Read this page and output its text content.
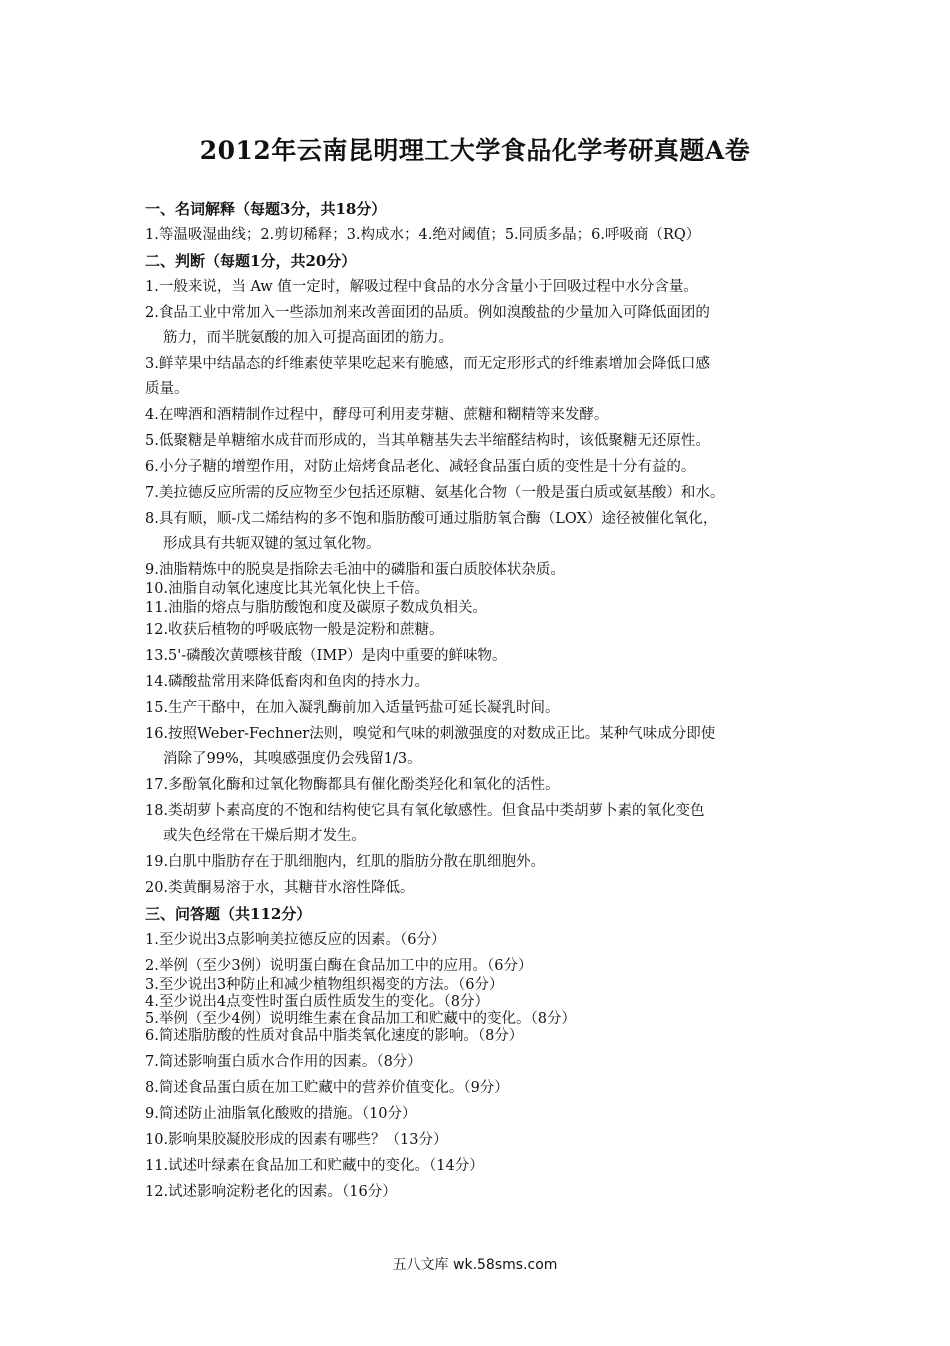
2012年云南昆明理工大学食品化学考研真题A卷
一、名词解释（每题3分，共18分）
1.等温吸湿曲线；2.剪切稀释；3.构成水；4.绝对阈值；5.同质多晶；6.呼吸商（RQ）
二、判断（每题1分，共20分）
1.一般来说，当 Aw 值一定时，解吸过程中食品的水分含量小于回吸过程中水分含量。
2.食品工业中常加入一些添加剂来改善面团的品质。例如溴酸盐的少量加入可降低面团的
筋力，而半胱氨酸的加入可提高面团的筋力。
3.鲜苹果中结晶态的纤维素使苹果吃起来有脆感，而无定形形式的纤维素增加会降低口感
质量。
4.在啤酒和酒精制作过程中，酵母可利用麦芽糖、蔗糖和糊精等来发酵。
5.低聚糖是单糖缩水成苷而形成的，当其单糖基失去半缩醛结构时，该低聚糖无还原性。
6.小分子糖的增塑作用，对防止焙烤食品老化、减轻食品蛋白质的变性是十分有益的。
7.美拉德反应所需的反应物至少包括还原糖、氨基化合物（一般是蛋白质或氨基酸）和水。
8.具有顺，顺-戊二烯结构的多不饱和脂肪酸可通过脂肪氧合酶（LOX）途径被催化氧化，
形成具有共轭双键的氢过氧化物。
9.油脂精炼中的脱臭是指除去毛油中的磷脂和蛋白质胶体状杂质。
10.油脂自动氧化速度比其光氧化快上千倍。
11.油脂的熔点与脂肪酸饱和度及碳原子数成负相关。
12.收获后植物的呼吸底物一般是淀粉和蔗糖。
13.5'-磷酸次黄嘌核苷酸（IMP）是肉中重要的鲜味物。
14.磷酸盐常用来降低畜肉和鱼肉的持水力。
15.生产干酪中，在加入凝乳酶前加入适量钙盐可延长凝乳时间。
16.按照Weber-Fechner法则，嗅觉和气味的刺激强度的对数成正比。某种气味成分即使
消除了99%，其嗅感强度仍会残留1/3。
17.多酚氧化酶和过氧化物酶都具有催化酚类羟化和氧化的活性。
18.类胡萝卜素高度的不饱和结构使它具有氧化敏感性。但食品中类胡萝卜素的氧化变色
或失色经常在干燥后期才发生。
19.白肌中脂肪存在于肌细胞内，红肌的脂肪分散在肌细胞外。
20.类黄酮易溶于水，其糖苷水溶性降低。
三、问答题（共112分）
1.至少说出3点影响美拉德反应的因素。（6分）
2.举例（至少3例）说明蛋白酶在食品加工中的应用。（6分）
3.至少说出3种防止和减少植物组织褐变的方法。（6分）
4.至少说出4点变性时蛋白质性质发生的变化。（8分）
5.举例（至少4例）说明维生素在食品加工和贮藏中的变化。（8分）
6.简述脂肪酸的性质对食品中脂类氧化速度的影响。（8分）
7.简述影响蛋白质水合作用的因素。（8分）
8.简述食品蛋白质在加工贮藏中的营养价值变化。（9分）
9.简述防止油脂氧化酸败的措施。（10分）
10.影响果胶凝胶形成的因素有哪些？（13分）
11.试述叶绿素在食品加工和贮藏中的变化。（14分）
12.试述影响淀粉老化的因素。（16分）
五八文库 wk.58sms.com
